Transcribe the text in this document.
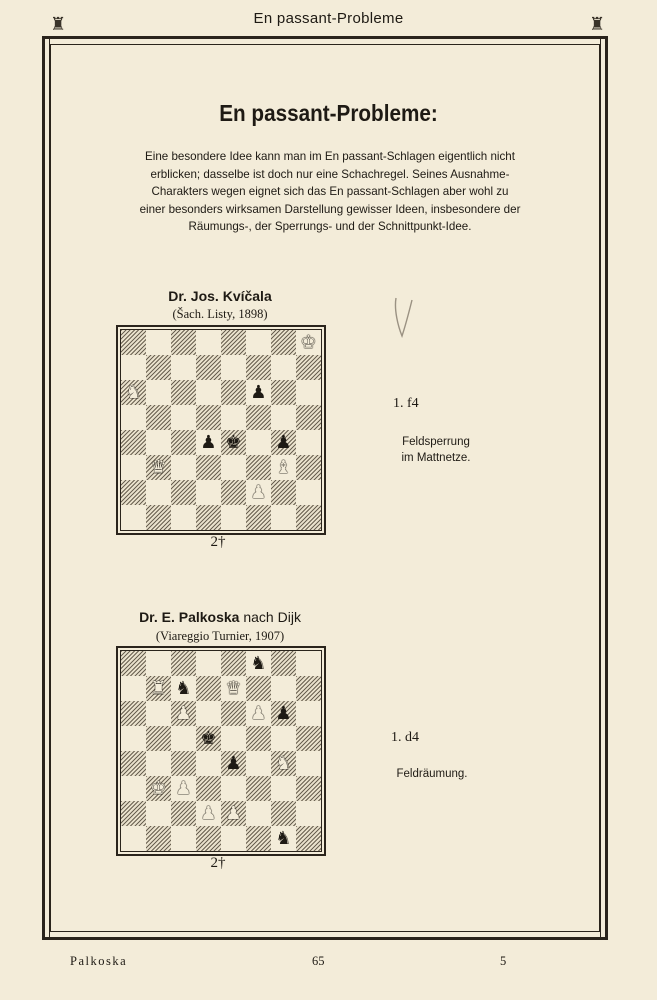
♜	♜
En passant-Probleme
En passant-Probleme:

Eine besondere Idee kann man im En passant-Schlagen eigentlich nicht

erblicken; dasselbe ist doch nur eine Schachregel. Seines Ausnahme-

Charakters wegen eignet sich das En passant-Schlagen aber wohl zu

einer besonders wirksamen Darstellung gewisser Ideen, insbesondere der

Räumungs-, der Sperrungs- und der Schnittpunkt-Idee.

Dr. Jos. Kvíčala
(Šach. Listy, 1898)
♚
♞	♟
♟ ♚ ♟
♛	♝
♟
2†
1. f4
Feldsperrung
im Mattnetze.
Dr. E. Palkoska nach Dijk
(Viareggio Turnier, 1907)
♞
♜ ♞ ♛
♟	♟ ♟
♚
♟ ♞
♚ ♟
♟ ♟
♞
2†
1. d4
Feldräumung.
Palkoska	65	5
